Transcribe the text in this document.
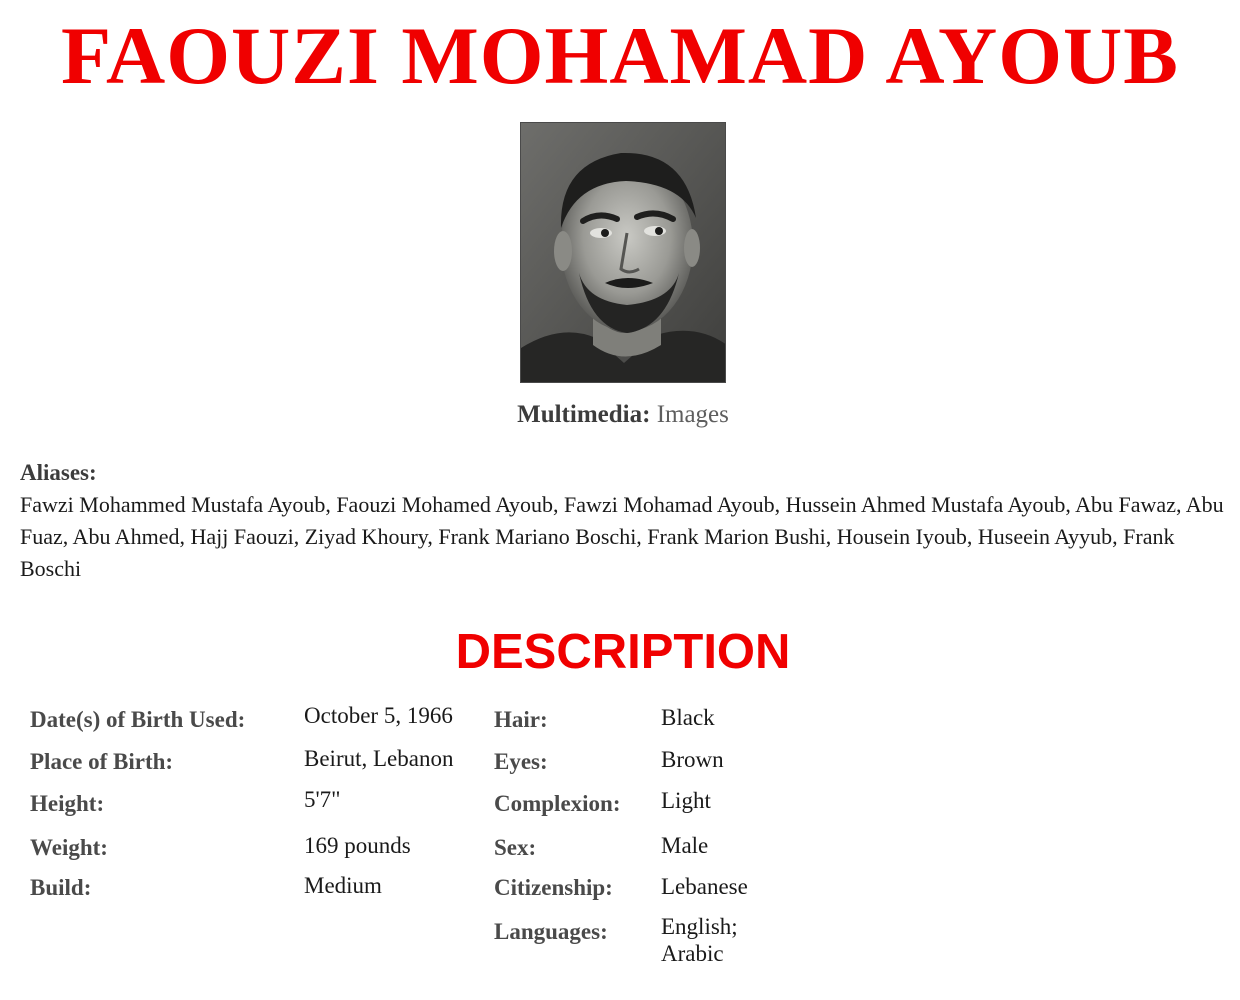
FAOUZI MOHAMAD AYOUB
Multimedia: Images
Aliases:
Fawzi Mohammed Mustafa Ayoub, Faouzi Mohamed Ayoub, Fawzi Mohamad Ayoub, Hussein Ahmed Mustafa Ayoub, Abu Fawaz, Abu Fuaz, Abu Ahmed, Hajj Faouzi, Ziyad Khoury, Frank Mariano Boschi, Frank Marion Bushi, Housein Iyoub, Huseein Ayyub, Frank Boschi
DESCRIPTION
Date(s) of Birth Used:	October 5, 1966 Hair:	Black
Place of Birth:	Beirut, Lebanon Eyes:	Brown
Height:	5'7"	Complexion: Light
Weight:	169 pounds	Sex:	Male
Build:	Medium	Citizenship: Lebanese
Languages: English; Arabic
